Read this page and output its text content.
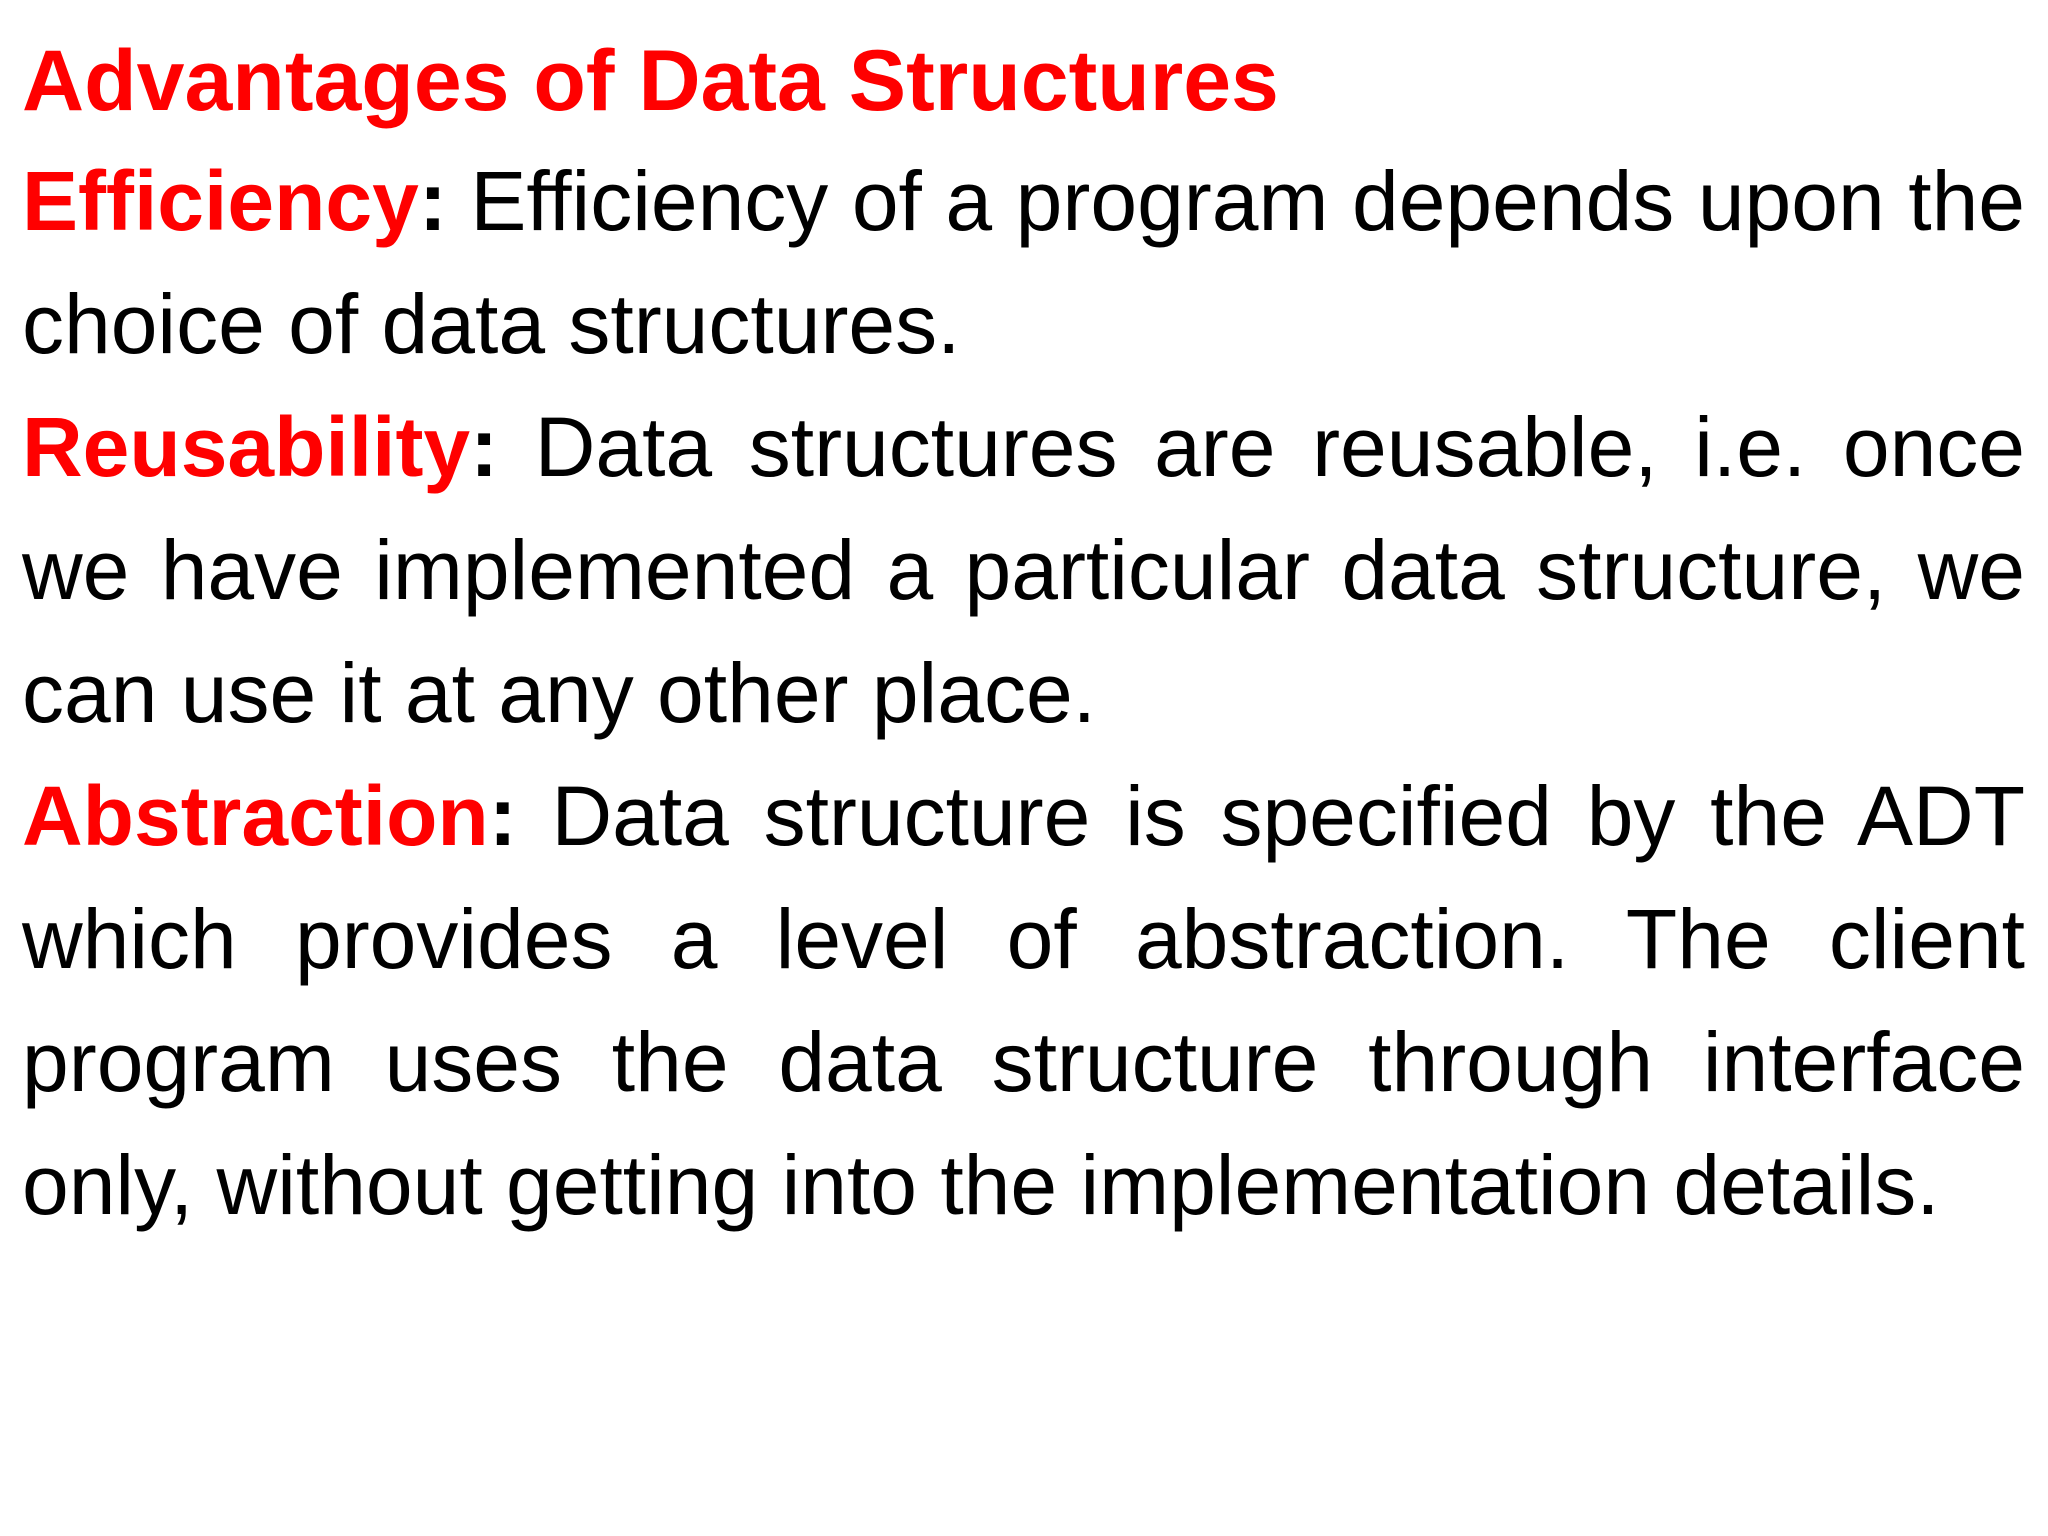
Advantages of Data Structures

Efficiency: Efficiency of a program depends upon the choice of data structures.

Reusability: Data structures are reusable, i.e. once we have implemented a particular data structure, we can use it at any other place.

Abstraction: Data structure is specified by the ADT which provides a level of abstraction. The client program uses the data structure through interface only, without getting into the implementation details.
